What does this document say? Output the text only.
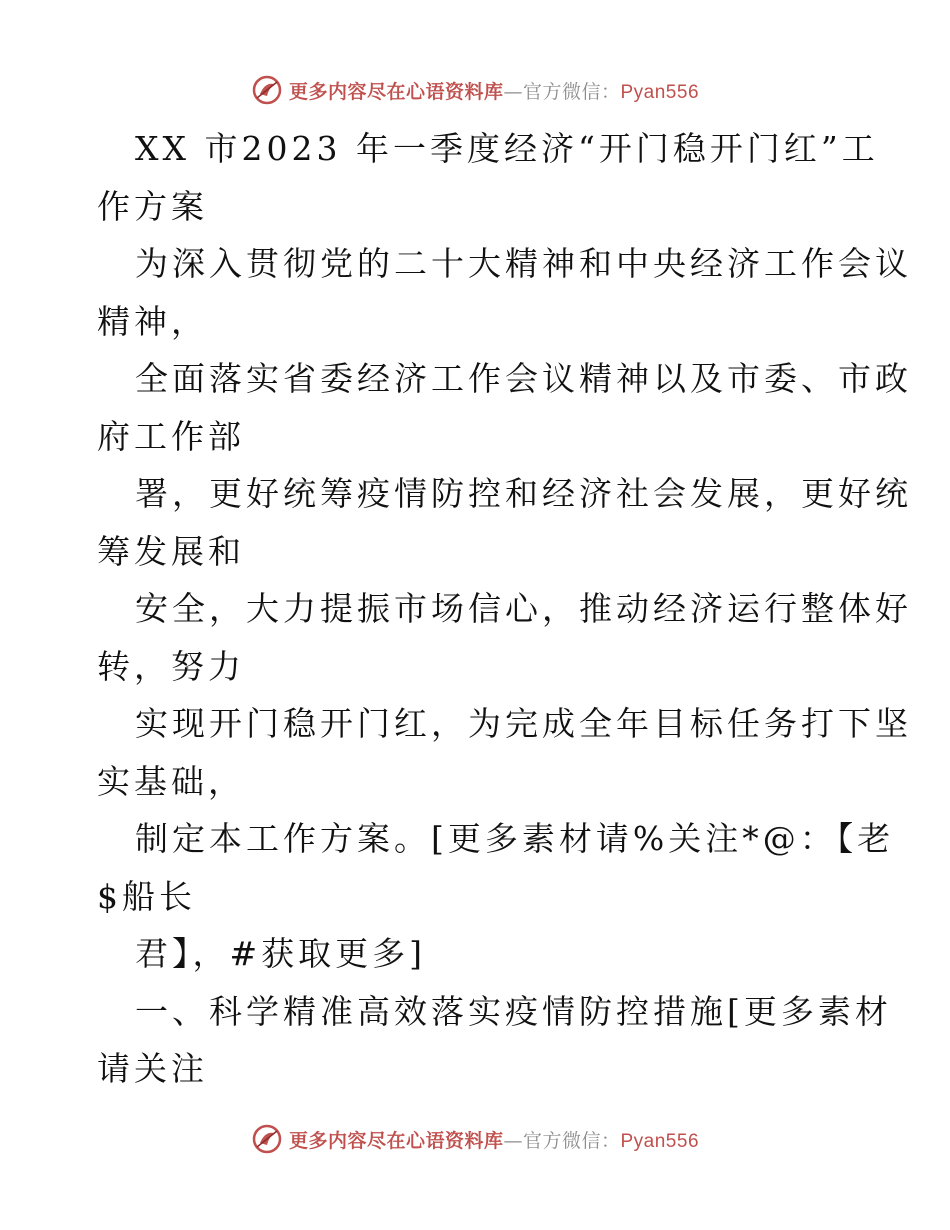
更多内容尽在心语资料库—官方微信：Pyan556
XX 市2023 年一季度经济“开门稳开门红”工
作方案
为深入贯彻党的二十大精神和中央经济工作会议
精神，
全面落实省委经济工作会议精神以及市委、市政
府工作部
署，更好统筹疫情防控和经济社会发展，更好统
筹发展和
安全，大力提振市场信心，推动经济运行整体好
转，努力
实现开门稳开门红，为完成全年目标任务打下坚
实基础，
制定本工作方案。[更多素材请%关注*@：【老
$船长
君】，#获取更多]
一、科学精准高效落实疫情防控措施[更多素材
请关注
更多内容尽在心语资料库—官方微信：Pyan556
